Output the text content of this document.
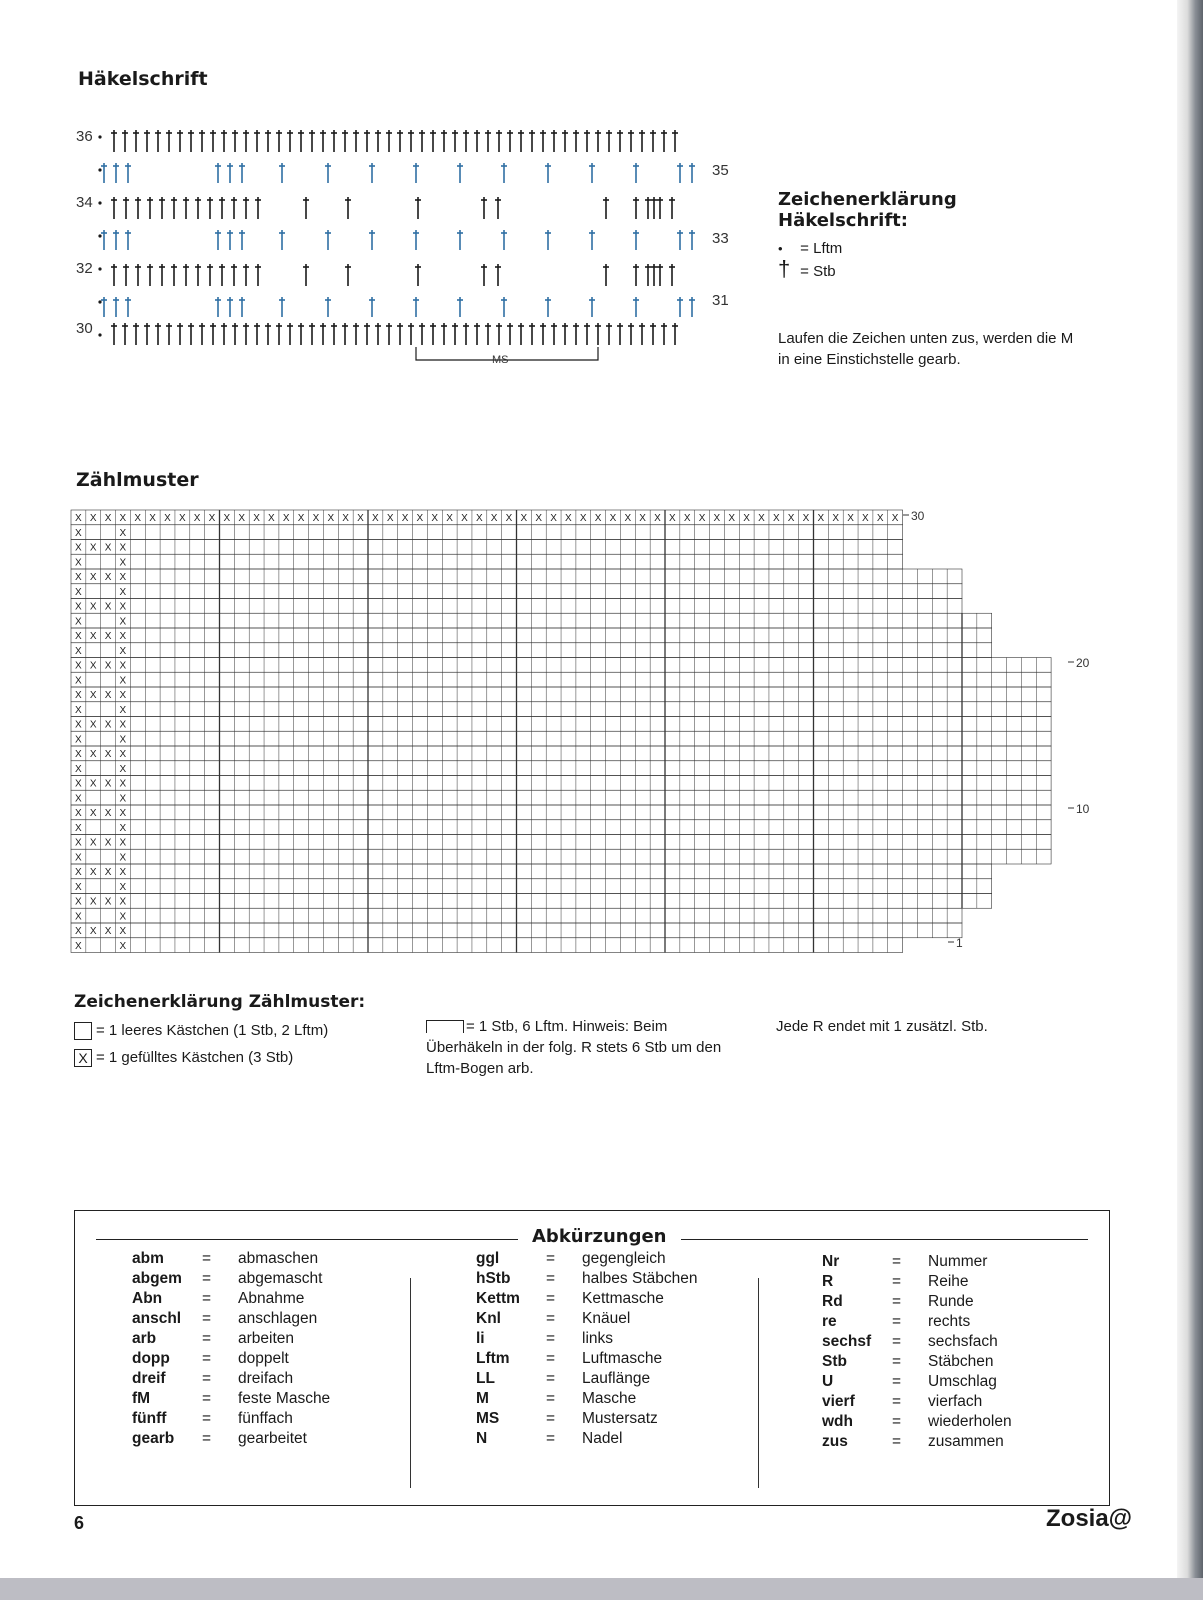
Häkelschrift
36
34
32
30
35
33
31
MS
Zeichenerklärung
Häkelschrift:
• = Lftm
† = Stb
Laufen die Zeichen unten zus, werden die M in eine Einstichstelle gearb.
Zählmuster
X X X X X X X X X X X X X X X X X X X X X X X X X X X X X X X X X X X X X X X X X X X X X X X X X X X X X X X X
X	X
X	X
X X
X	X
X	X
X X
X	X
X	X
X X
X	X
X	X
X X
X	X
X	X
X X
X	X
X	X
X X
X	X
X	X
X X
X	X
X	X
X X
X	X
X	X
X X
X	X
X	X
X X
X	X
X	X
X X
X	X
X	X
X X
X	X
X	X
X X
X	X
X	X
X X
X	X
30
20
10
1
Zeichenerklärung Zählmuster:
= 1 leeres Kästchen (1 Stb, 2 Lftm)
X = 1 gefülltes Kästchen (3 Stb)
= 1 Stb, 6 Lftm. Hinweis: Beim Überhäkeln in der folg. R stets 6 Stb um den Lftm-Bogen arb.
Jede R endet mit 1 zusätzl. Stb.
Abkürzungen
abm = abmaschen
abgem = abgemascht
Abn	= Abnahme
anschl = anschlagen
arb	= arbeiten
dopp = doppelt
dreif = dreifach
fM	= feste Masche
fünff = fünffach
gearb = gearbeitet
ggl	= gegengleich
hStb = halbes Stäbchen
Kettm = Kettmasche
Knl	= Knäuel
li	= links
Lftm = Luftmasche
LL	= Lauflänge
M	= Masche
MS	= Mustersatz
N	= Nadel
Nr	= Nummer
R	= Reihe
Rd	= Runde
re	= rechts
sechsf = sechsfach
Stb	= Stäbchen
U	= Umschlag
vierf = vierfach
wdh	= wiederholen
zus	= zusammen
6	Zosia@
